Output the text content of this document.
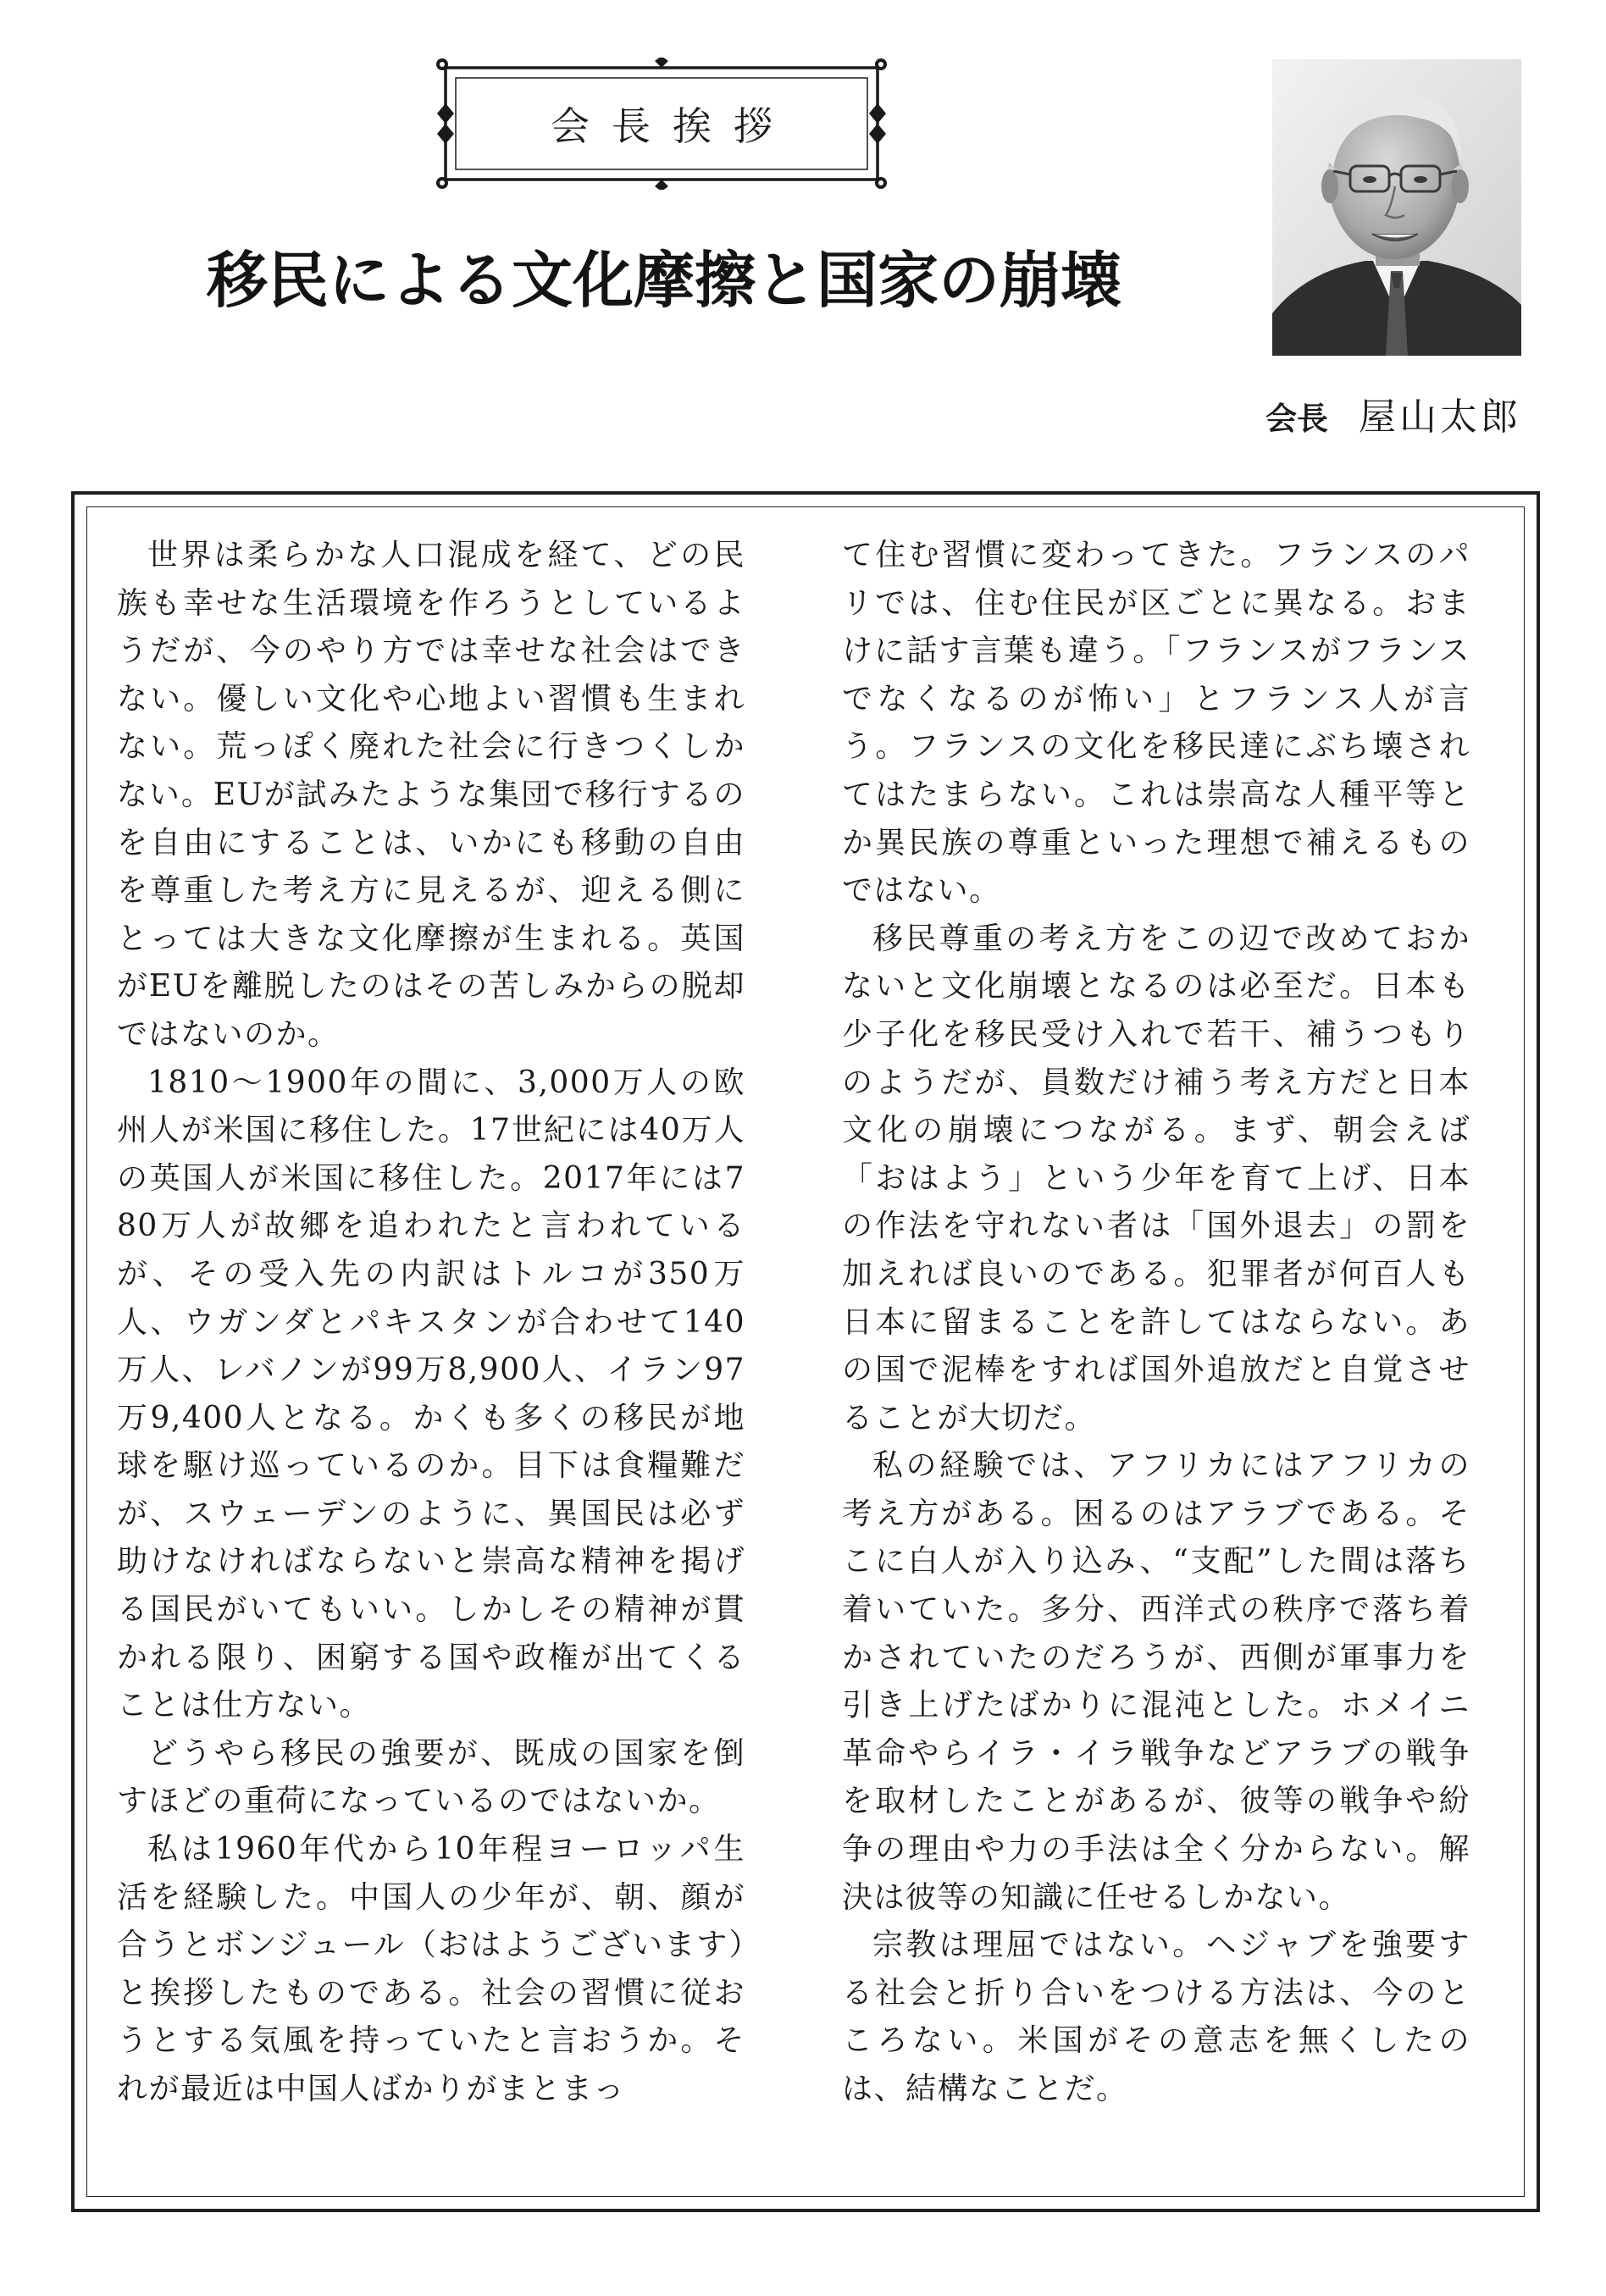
会長挨拶
移民による文化摩擦と国家の崩壊
会長 屋山太郎

世界は柔らかな人口混成を経て、どの民族も幸せな生活環境を作ろうとしているようだが、今のやり方では幸せな社会はできない。優しい文化や心地よい習慣も生まれない。荒っぽく廃れた社会に行きつくしかない。EUが試みたような集団で移行するのを自由にすることは、いかにも移動の自由を尊重した考え方に見えるが、迎える側にとっては大きな文化摩擦が生まれる。英国がEUを離脱したのはその苦しみからの脱却ではないのか。

1810〜1900年の間に、3,000万人の欧州人が米国に移住した。17世紀には40万人の英国人が米国に移住した。2017年には780万人が故郷を追われたと言われているが、その受入先の内訳はトルコが350万人、ウガンダとパキスタンが合わせて140万人、レバノンが99万8,900人、イラン97万9,400人となる。かくも多くの移民が地球を駆け巡っているのか。目下は食糧難だが、スウェーデンのように、異国民は必ず助けなければならないと崇高な精神を掲げる国民がいてもいい。しかしその精神が貫かれる限り、困窮する国や政権が出てくることは仕方ない。

どうやら移民の強要が、既成の国家を倒すほどの重荷になっているのではないか。

私は1960年代から10年程ヨーロッパ生活を経験した。中国人の少年が、朝、顔が合うとボンジュール（おはようございます）と挨拶したものである。社会の習慣に従おうとする気風を持っていたと言おうか。それが最近は中国人ばかりがまとまっ

て住む習慣に変わってきた。フランスのパリでは、住む住民が区ごとに異なる。おまけに話す言葉も違う。「フランスがフランスでなくなるのが怖い」とフランス人が言う。フランスの文化を移民達にぶち壊されてはたまらない。これは崇高な人種平等とか異民族の尊重といった理想で補えるものではない。

移民尊重の考え方をこの辺で改めておかないと文化崩壊となるのは必至だ。日本も少子化を移民受け入れで若干、補うつもりのようだが、員数だけ補う考え方だと日本文化の崩壊につながる。まず、朝会えば「おはよう」という少年を育て上げ、日本の作法を守れない者は「国外退去」の罰を加えれば良いのである。犯罪者が何百人も日本に留まることを許してはならない。あの国で泥棒をすれば国外追放だと自覚させることが大切だ。

私の経験では、アフリカにはアフリカの考え方がある。困るのはアラブである。そこに白人が入り込み、“支配”した間は落ち着いていた。多分、西洋式の秩序で落ち着かされていたのだろうが、西側が軍事力を引き上げたばかりに混沌とした。ホメイニ革命やらイラ・イラ戦争などアラブの戦争を取材したことがあるが、彼等の戦争や紛争の理由や力の手法は全く分からない。解決は彼等の知識に任せるしかない。

宗教は理屈ではない。ヘジャブを強要する社会と折り合いをつける方法は、今のところない。米国がその意志を無くしたのは、結構なことだ。
